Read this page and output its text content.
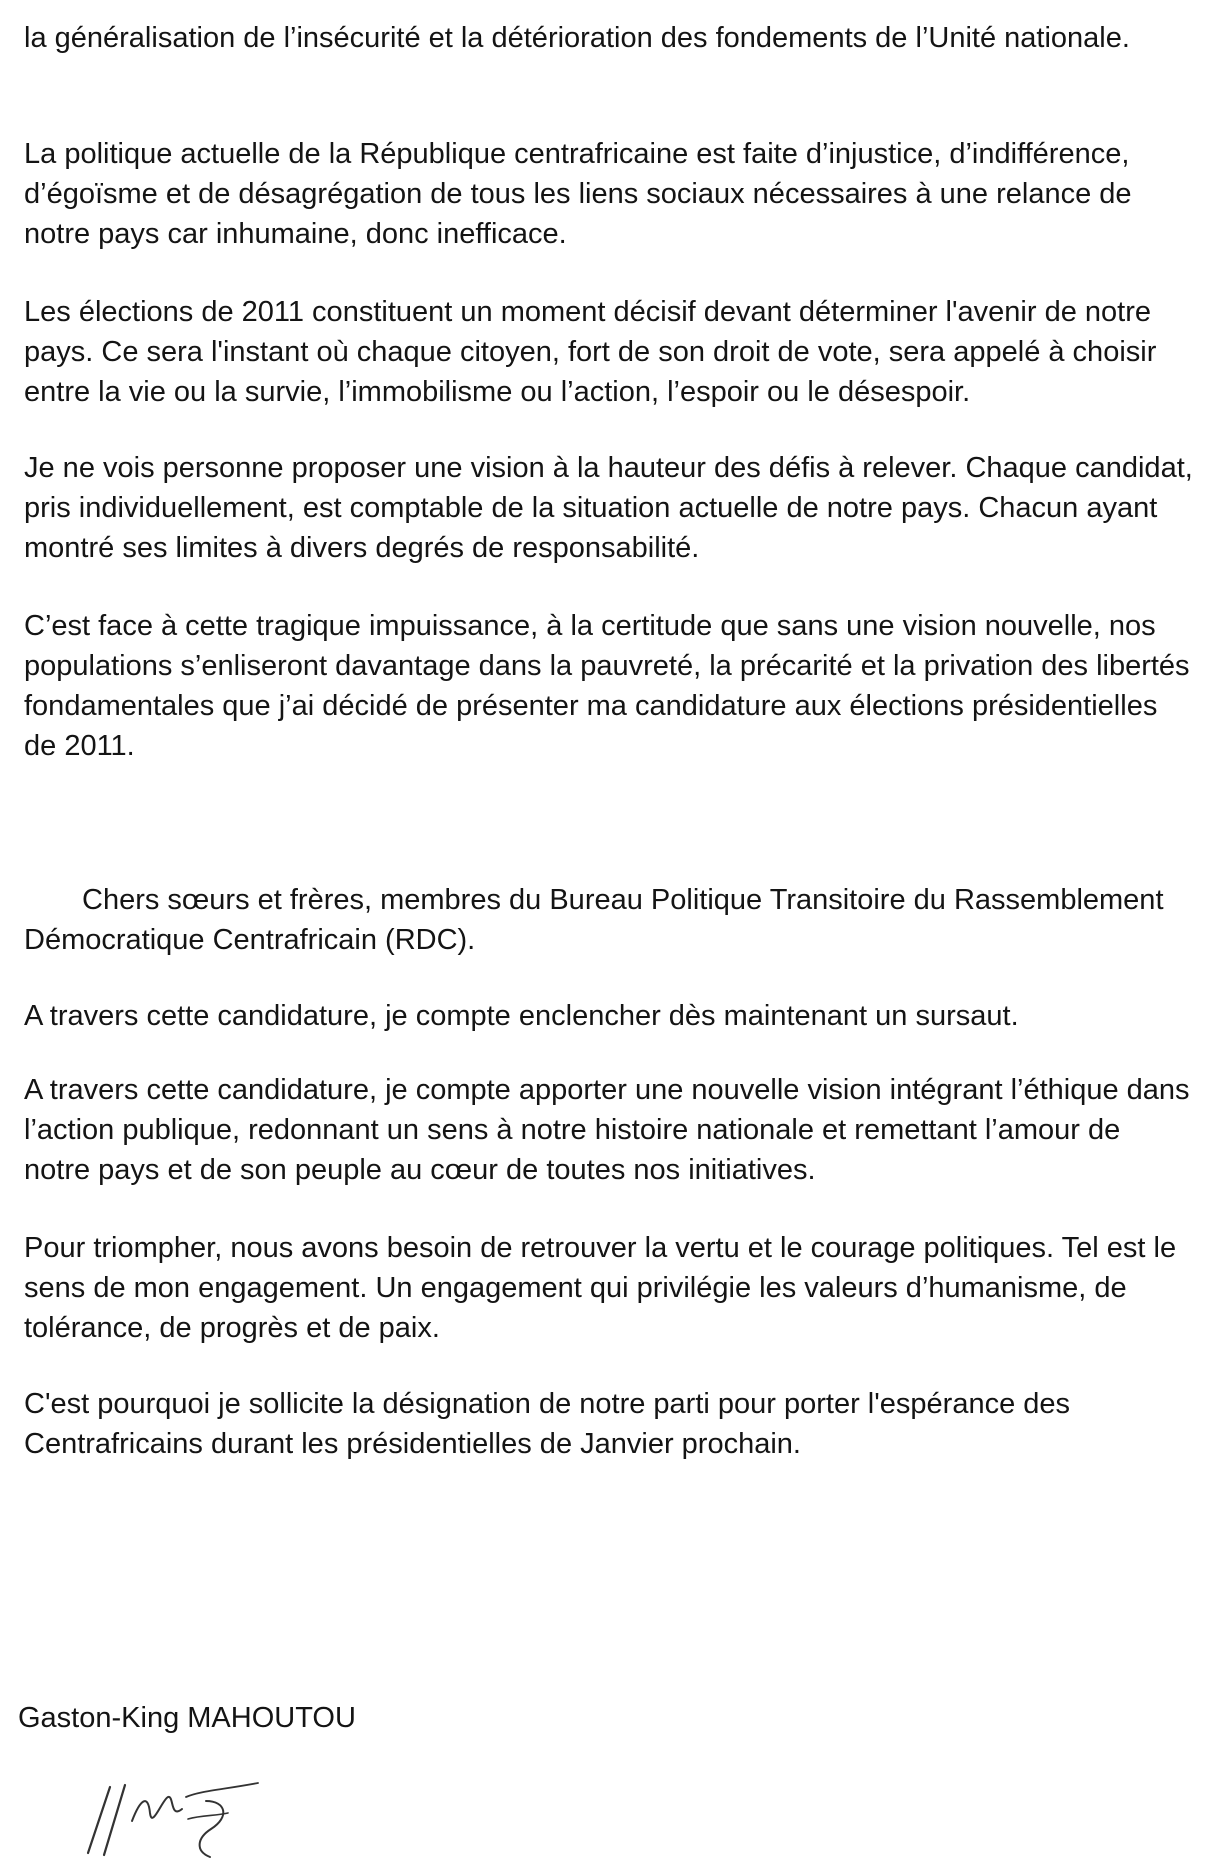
la généralisation de l’insécurité et la détérioration des fondements de l’Unité nationale.

La politique actuelle de la République centrafricaine est faite d’injustice, d’indifférence, d’égoïsme et de désagrégation de tous les liens sociaux nécessaires à une relance de notre pays car inhumaine, donc inefficace.

Les élections de 2011 constituent un moment décisif devant déterminer l'avenir de notre pays. Ce sera l'instant où chaque citoyen, fort de son droit de vote, sera appelé à choisir entre la vie ou la survie, l’immobilisme ou l’action, l’espoir ou le désespoir.

Je ne vois personne proposer une vision à la hauteur des défis à relever. Chaque candidat, pris individuellement, est comptable de la situation actuelle de notre pays. Chacun ayant montré ses limites à divers degrés de responsabilité.

C’est face à cette tragique impuissance, à la certitude que sans une vision nouvelle, nos populations s’enliseront davantage dans la pauvreté, la précarité et la privation des libertés fondamentales que j’ai décidé de présenter ma candidature aux élections présidentielles de 2011.

Chers sœurs et frères, membres du Bureau Politique Transitoire du Rassemblement Démocratique Centrafricain (RDC).

A travers cette candidature, je compte enclencher dès maintenant un sursaut.

A travers cette candidature, je compte apporter une nouvelle vision intégrant l’éthique dans l’action publique, redonnant un sens à notre histoire nationale et remettant l’amour de notre pays et de son peuple au cœur de toutes nos initiatives.

Pour triompher, nous avons besoin de retrouver la vertu et le courage politiques. Tel est le sens de mon engagement. Un engagement qui privilégie les valeurs d’humanisme, de tolérance, de progrès et de paix.

C'est pourquoi je sollicite la désignation de notre parti pour porter l'espérance des Centrafricains durant les présidentielles de Janvier prochain.

Gaston-King MAHOUTOU
